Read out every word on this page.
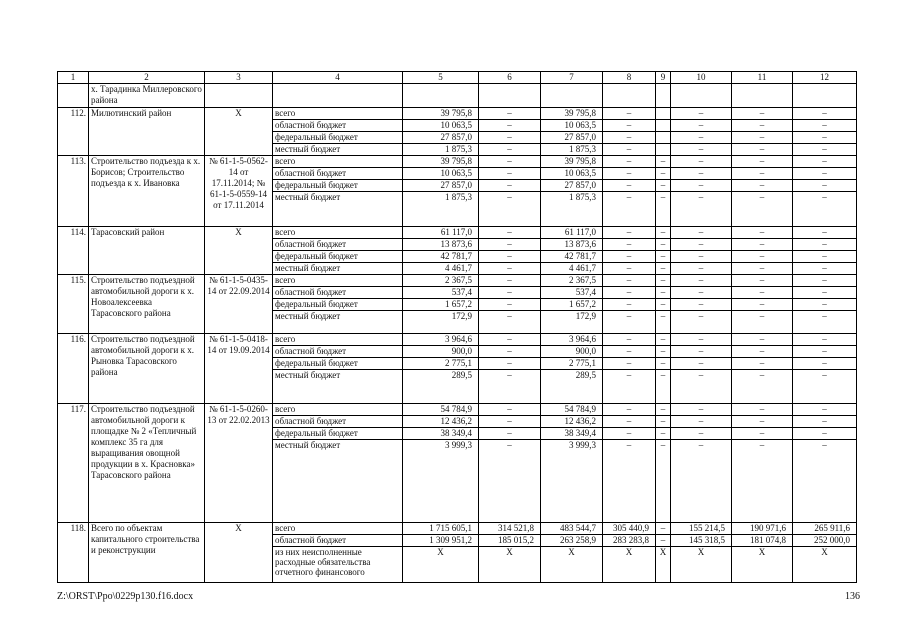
1	2	3	4	5	6	7	8	9	10	11	12
	х. Тарадинка Миллеровского района										
112.	Милютинский район	Х	всего	39 795,8	–	39 795,8	–		–	–	–
			областной бюджет	10 063,5	–	10 063,5	–		–	–	–
			федеральный бюджет	27 857,0	–	27 857,0	–		–	–	–
			местный бюджет	1 875,3	–	1 875,3	–		–	–	–
113.	Строительство подъезда к х. Борисов; Строительство подъезда к х. Ивановка	№ 61-1-5-0562-14 от 17.11.2014; № 61-1-5-0559-14 от 17.11.2014	всего	39 795,8	–	39 795,8	–	–	–	–	–
			областной бюджет	10 063,5	–	10 063,5	–	–	–	–	–
			федеральный бюджет	27 857,0	–	27 857,0	–	–	–	–	–
			местный бюджет	1 875,3	–	1 875,3	–	–	–	–	–
114.	Тарасовский район	Х	всего	61 117,0	–	61 117,0	–	–	–	–	–
			областной бюджет	13 873,6	–	13 873,6	–	–	–	–	–
			федеральный бюджет	42 781,7	–	42 781,7	–	–	–	–	–
			местный бюджет	4 461,7	–	4 461,7	–	–	–	–	–
115.	Строительство подъездной автомобильной дороги к х. Новоалексеевка Тарасовского района	№ 61-1-5-0435-14 от 22.09.2014	всего	2 367,5	–	2 367,5	–	–	–	–	–
			областной бюджет	537,4	–	537,4	–	–	–	–	–
			федеральный бюджет	1 657,2	–	1 657,2	–	–	–	–	–
			местный бюджет	172,9	–	172,9	–	–	–	–	–
116.	Строительство подъездной автомобильной дороги к х. Рыновка Тарасовского района	№ 61-1-5-0418-14 от 19.09.2014	всего	3 964,6	–	3 964,6	–	–	–	–	–
			областной бюджет	900,0	–	900,0	–	–	–	–	–
			федеральный бюджет	2 775,1	–	2 775,1	–	–	–	–	–
			местный бюджет	289,5	–	289,5	–	–	–	–	–
117.	Строительство подъездной автомобильной дороги к площадке № 2 «Тепличный комплекс 35 га для выращивания овощной продукции в х. Красновка» Тарасовского района	№ 61-1-5-0260-13 от 22.02.2013	всего	54 784,9	–	54 784,9	–	–	–	–	–
			областной бюджет	12 436,2	–	12 436,2	–	–	–	–	–
			федеральный бюджет	38 349,4	–	38 349,4	–	–	–	–	–
			местный бюджет	3 999,3	–	3 999,3	–	–	–	–	–
118.	Всего по объектам капитального строительства и реконструкции	Х	всего	1 715 605,1	314 521,8	483 544,7	305 440,9	–	155 214,5	190 971,6	265 911,6
			областной бюджет	1 309 951,2	185 015,2	263 258,9	283 283,8	–	145 318,5	181 074,8	252 000,0
			из них неисполненные расходные обязательства отчетного финансового	Х	Х	Х	Х	Х	Х	Х	Х
Z:\ORST\Ppo\0229p130.f16.docx	136
